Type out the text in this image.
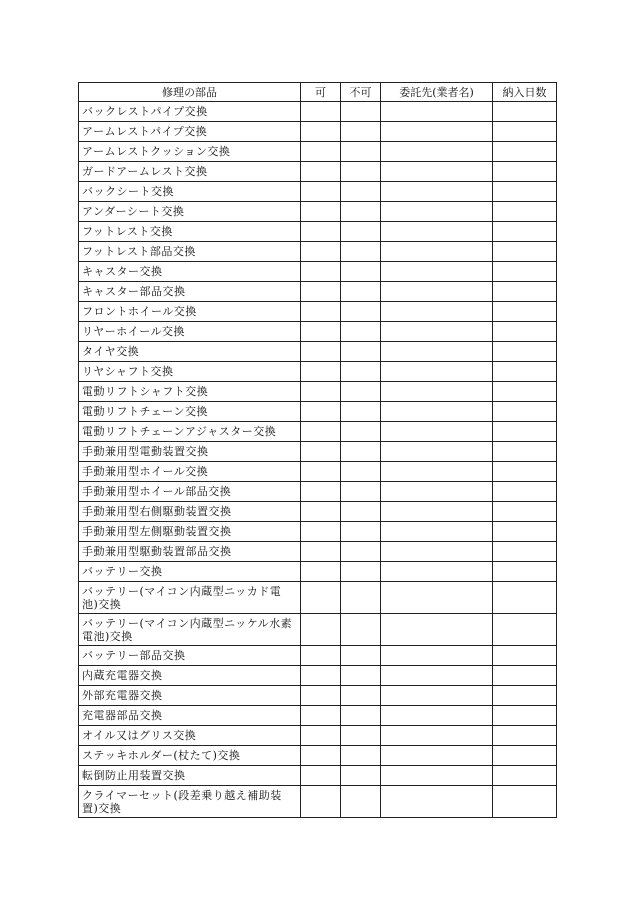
修理の部品	可	不可	委託先(業者名)	納入日数
バックレストパイプ交換				
アームレストパイプ交換				
アームレストクッション交換				
ガードアームレスト交換				
バックシート交換				
アンダーシート交換				
フットレスト交換				
フットレスト部品交換				
キャスター交換				
キャスター部品交換				
フロントホイール交換				
リヤーホイール交換				
タイヤ交換				
リヤシャフト交換				
電動リフトシャフト交換				
電動リフトチェーン交換				
電動リフトチェーンアジャスター交換				
手動兼用型電動装置交換				
手動兼用型ホイール交換				
手動兼用型ホイール部品交換				
手動兼用型右側駆動装置交換				
手動兼用型左側駆動装置交換				
手動兼用型駆動装置部品交換				
バッテリー交換				
バッテリー(マイコン内蔵型ニッカド電池)交換				
バッテリー(マイコン内蔵型ニッケル水素電池)交換				
バッテリー部品交換				
内蔵充電器交換				
外部充電器交換				
充電器部品交換				
オイル又はグリス交換				
ステッキホルダー(杖たて)交換				
転倒防止用装置交換				
クライマーセット(段差乗り越え補助装置)交換				
